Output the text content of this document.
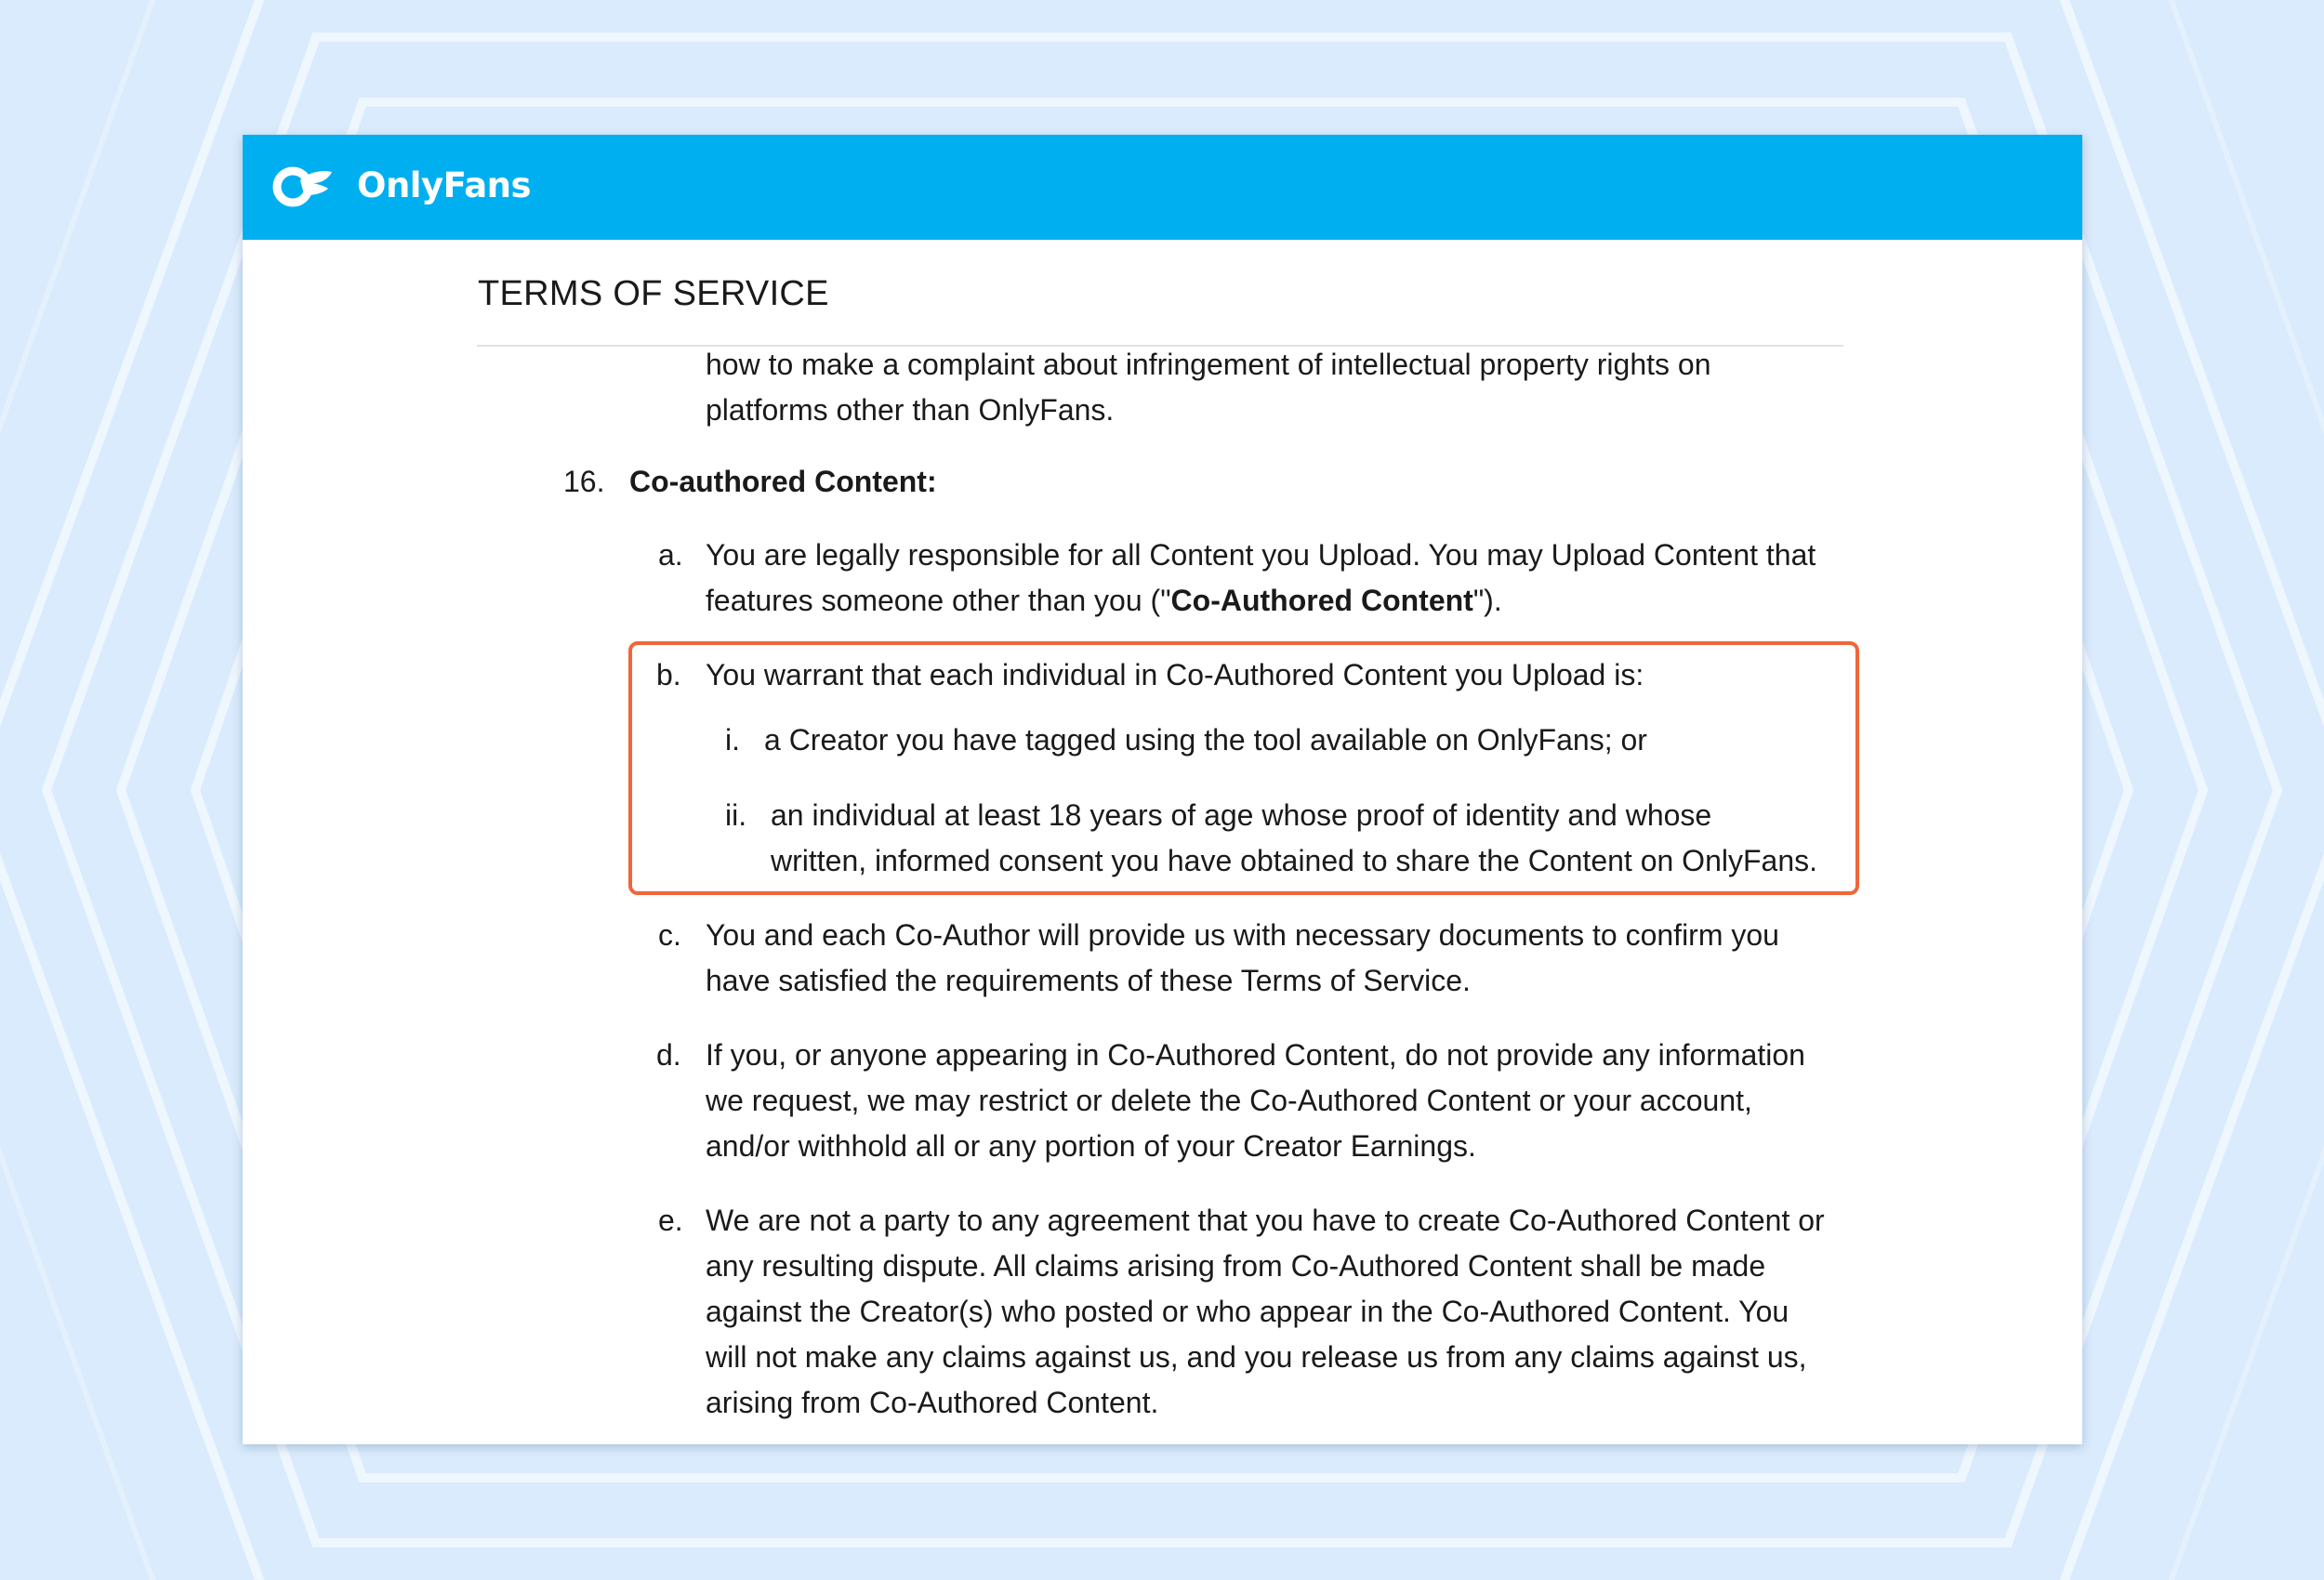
OnlyFans
TERMS OF SERVICE

how to make a complaint about infringement of intellectual property rights on

platforms other than OnlyFans.

16. Co-authored Content:
a. You are legally responsible for all Content you Upload. You may Upload Content that

features someone other than you ("Co-Authored Content").

b. You warrant that each individual in Co-Authored Content you Upload is:

i. a Creator you have tagged using the tool available on OnlyFans; or

ii. an individual at least 18 years of age whose proof of identity and whose

written, informed consent you have obtained to share the Content on OnlyFans.

c. You and each Co-Author will provide us with necessary documents to confirm you

have satisfied the requirements of these Terms of Service.

d. If you, or anyone appearing in Co-Authored Content, do not provide any information

we request, we may restrict or delete the Co-Authored Content or your account,

and/or withhold all or any portion of your Creator Earnings.

e. We are not a party to any agreement that you have to create Co-Authored Content or

any resulting dispute. All claims arising from Co-Authored Content shall be made

against the Creator(s) who posted or who appear in the Co-Authored Content. You

will not make any claims against us, and you release us from any claims against us,

arising from Co-Authored Content.
